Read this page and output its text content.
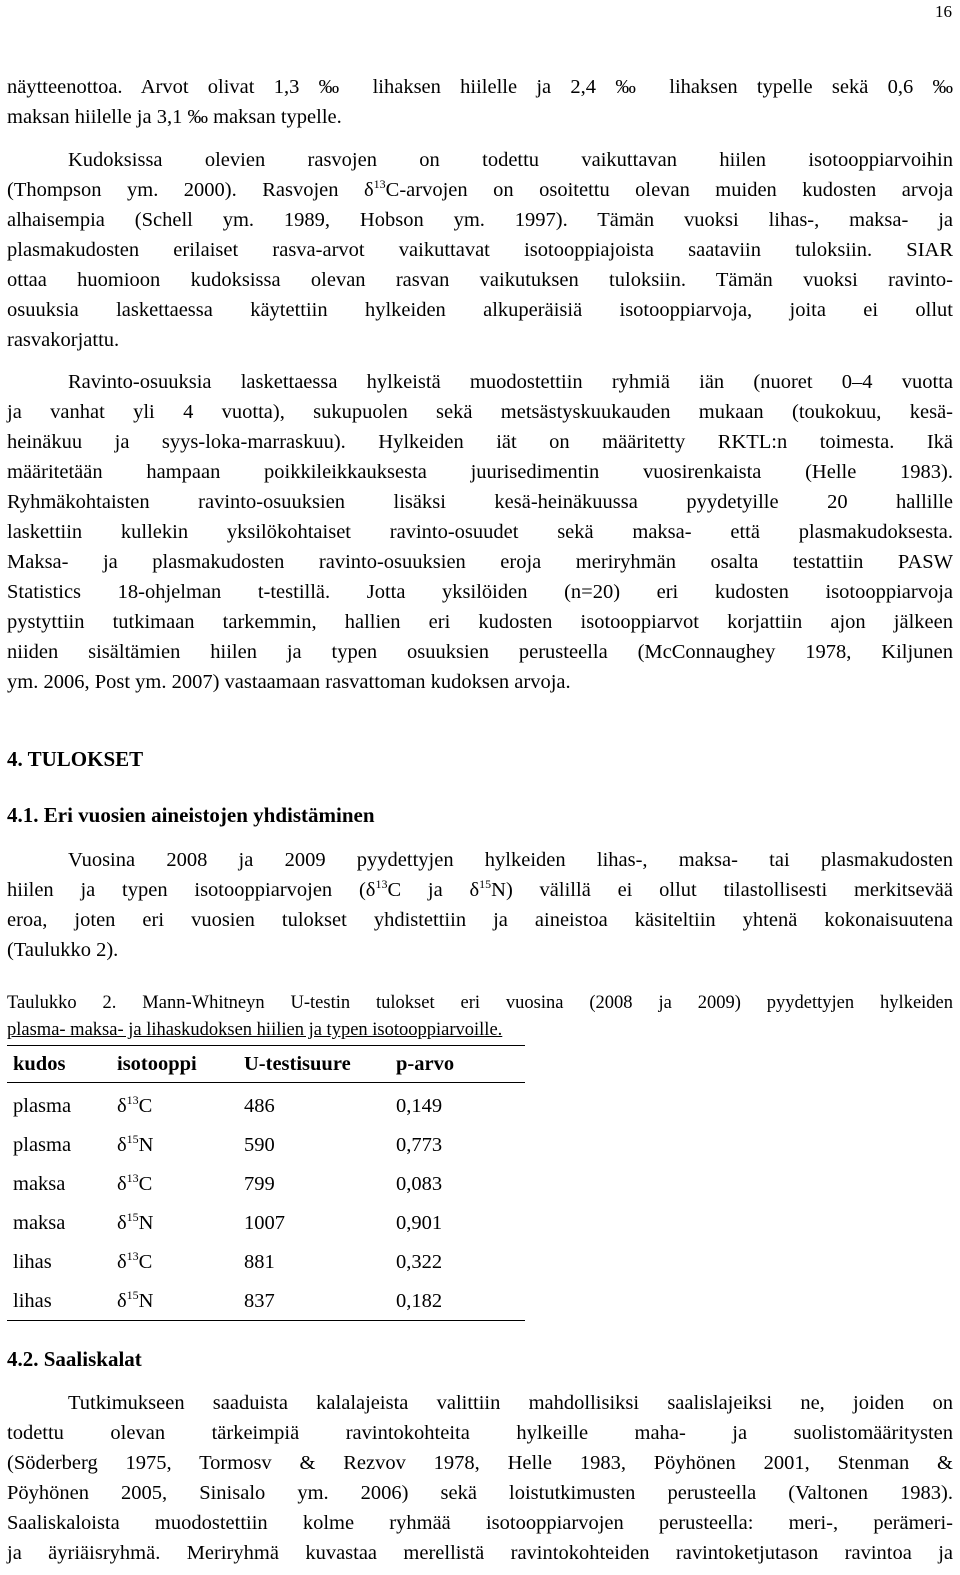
16
näytteenottoa. Arvot olivat 1,3 ‰ lihaksen hiilelle ja 2,4 ‰ lihaksen typelle sekä 0,6 ‰
maksan hiilelle ja 3,1 ‰ maksan typelle.
Kudoksissa olevien rasvojen on todettu vaikuttavan hiilen isotooppiarvoihin
(Thompson ym. 2000). Rasvojen $\delta^{13}C$-arvojen on osoitettu olevan muiden kudosten arvoja
alhaisempia (Schell ym. 1989, Hobson ym. 1997). Tämän vuoksi lihas-, maksa- ja
plasmakudosten erilaiset rasva-arvot vaikuttavat isotooppiajoista saataviin tuloksiin. SIAR
ottaa huomioon kudoksissa olevan rasvan vaikutuksen tuloksiin. Tämän vuoksi ravinto-
osuuksia laskettaessa käytettiin hylkeiden alkuperäisiä isotooppiarvoja, joita ei ollut
rasvakorjattu.
Ravinto-osuuksia laskettaessa hylkeistä muodostettiin ryhmiä iän (nuoret 0–4 vuotta
ja vanhat yli 4 vuotta), sukupuolen sekä metsästyskuukauden mukaan (toukokuu, kesä-
heinäkuu ja syys-loka-marraskuu). Hylkeiden iät on määritetty RKTL:n toimesta. Ikä
määritetään hampaan poikkileikkauksesta juurisedimentin vuosirenkaista (Helle 1983).
Ryhmäkohtaisten ravinto-osuuksien lisäksi kesä-heinäkuussa pyydetyille 20 hallille
laskettiin kullekin yksilökohtaiset ravinto-osuudet sekä maksa- että plasmakudoksesta.
Maksa- ja plasmakudosten ravinto-osuuksien eroja meriryhmän osalta testattiin PASW
Statistics 18-ohjelman t-testillä. Jotta yksilöiden (n=20) eri kudosten isotooppiarvoja
pystyttiin tutkimaan tarkemmin, hallien eri kudosten isotooppiarvot korjattiin ajon jälkeen
niiden sisältämien hiilen ja typen osuuksien perusteella (McConnaughey 1978, Kiljunen
ym. 2006, Post ym. 2007) vastaamaan rasvattoman kudoksen arvoja.
4. TULOKSET
4.1. Eri vuosien aineistojen yhdistäminen
Vuosina 2008 ja 2009 pyydettyjen hylkeiden lihas-, maksa- tai plasmakudosten
hiilen ja typen isotooppiarvojen ($\delta^{13}C$ ja $\delta^{15}N$) välillä ei ollut tilastollisesti merkitsevää
eroa, joten eri vuosien tulokset yhdistettiin ja aineistoa käsiteltiin yhtenä kokonaisuutena
(Taulukko 2).
Taulukko 2. Mann-Whitneyn U-testin tulokset eri vuosina (2008 ja 2009) pyydettyjen hylkeiden
plasma- maksa- ja lihaskudoksen hiilien ja typen isotooppiarvoille.
kudos	isotooppi U-testisuure p-arvo
plasma $\delta^{13}C$	486	0,149
plasma $\delta^{15}N$	590	0,773
maksa	$\delta^{13}C$	799	0,083
maksa	$\delta^{15}N$	1007	0,901
lihas	$\delta^{13}C$	881	0,322
lihas	$\delta^{15}N$	837	0,182
4.2. Saaliskalat
Tutkimukseen saaduista kalalajeista valittiin mahdollisiksi saalislajeiksi ne, joiden on
todettu olevan tärkeimpiä ravintokohteita hylkeille maha- ja suolistomääritysten
(Söderberg 1975, Tormosv & Rezvov 1978, Helle 1983, Pöyhönen 2001, Stenman &
Pöyhönen 2005, Sinisalo ym. 2006) sekä loistutkimusten perusteella (Valtonen 1983).
Saaliskaloista muodostettiin kolme ryhmää isotooppiarvojen perusteella: meri-, perämeri-
ja äyriäisryhmä. Meriryhmä kuvastaa merellistä ravintokohteiden ravintoketjutason ravintoa ja
